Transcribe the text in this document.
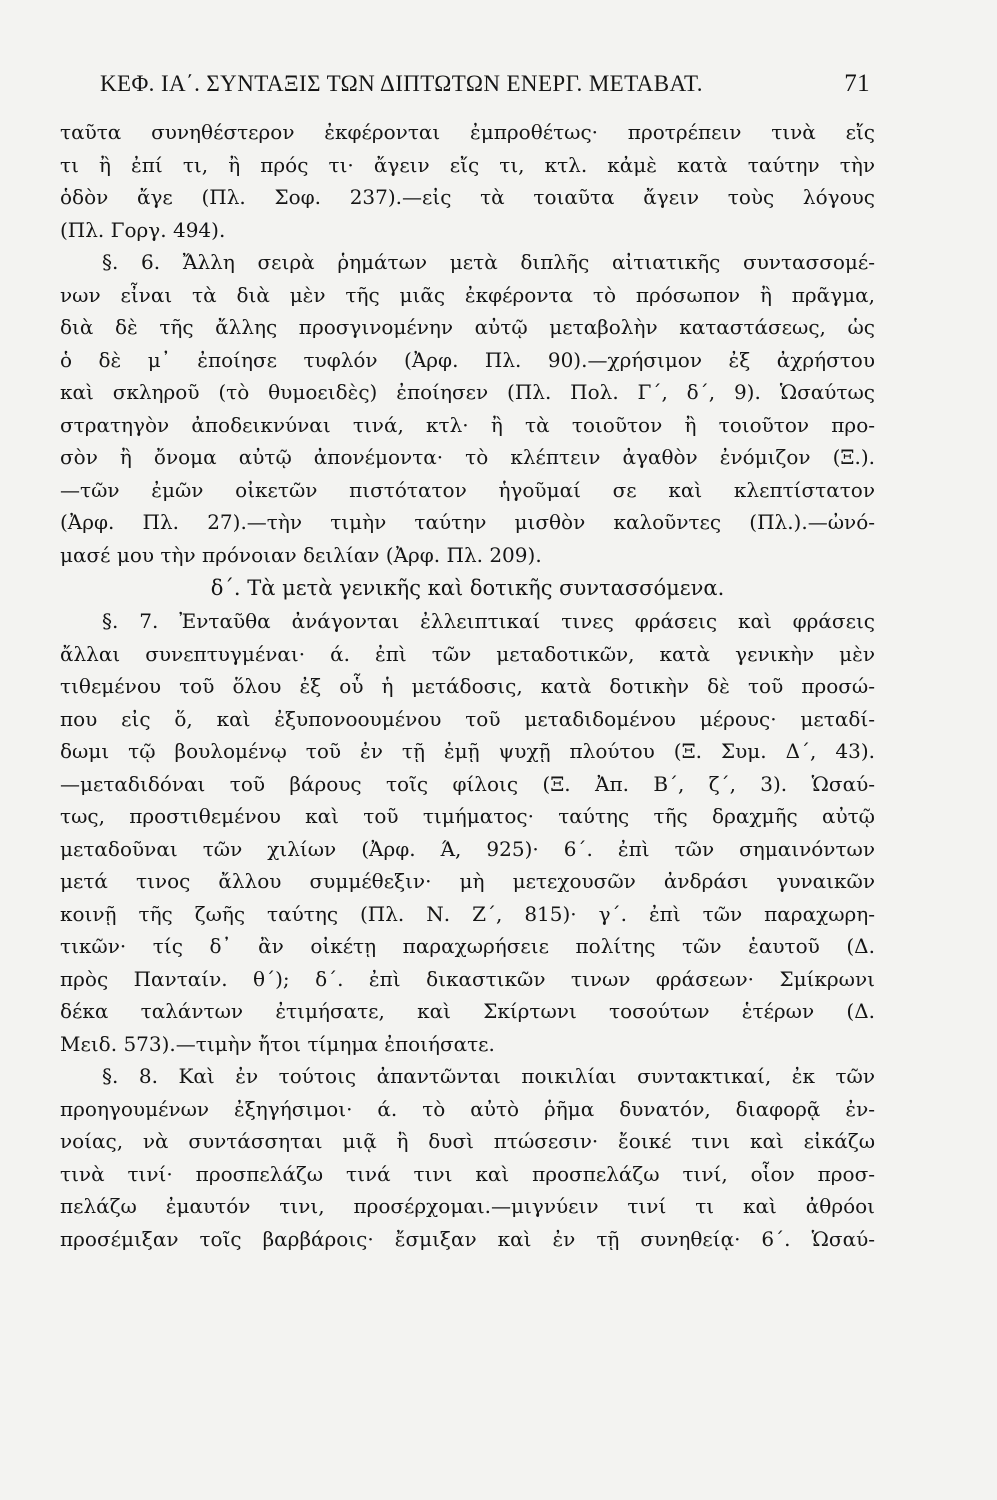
ΚΕΦ. ΙΑ΄. ΣΥΝΤΑΞΙΣ ΤΩΝ ΔΙΠΤΩΤΩΝ ΕΝΕΡΓ. ΜΕΤΑΒΑΤ.	71
ταῦτα συνηθέστερον ἐκφέρονται ἐμπροθέτως· προτρέπειν τινὰ εἴς
τι ἢ ἐπί τι, ἢ πρός τι· ἄγειν εἴς τι, κτλ. κἀμὲ κατὰ ταύτην τὴν
ὁδὸν ἄγε (Πλ. Σοφ. 237).—εἰς τὰ τοιαῦτα ἄγειν τοὺς λόγους
(Πλ. Γοργ. 494).
§. 6. Ἄλλη σειρὰ ῥημάτων μετὰ διπλῆς αἰτιατικῆς συντασσομέ-
νων εἶναι τὰ διὰ μὲν τῆς μιᾶς ἐκφέροντα τὸ πρόσωπον ἢ πρᾶγμα,
διὰ δὲ τῆς ἄλλης προσγινομένην αὐτῷ μεταβολὴν καταστάσεως, ὡς
ὁ δὲ μ᾽ ἐποίησε τυφλόν (Ἀρφ. Πλ. 90).—χρήσιμον ἐξ ἀχρήστου
καὶ σκληροῦ (τὸ θυμοειδὲς) ἐποίησεν (Πλ. Πολ. Γ΄, δ΄, 9). Ὡσαύτως
στρατηγὸν ἀποδεικνύναι τινά, κτλ· ἢ τὰ τοιοῦτον ἢ τοιοῦτον προ-
σὸν ἢ ὄνομα αὐτῷ ἀπονέμοντα· τὸ κλέπτειν ἀγαθὸν ἐνόμιζον (Ξ.).
—τῶν ἐμῶν οἰκετῶν πιστότατον ἡγοῦμαί σε καὶ κλεπτίστατον
(Ἀρφ. Πλ. 27).—τὴν τιμὴν ταύτην μισθὸν καλοῦντες (Πλ.).—ὠνό-
μασέ μου τὴν πρόνοιαν δειλίαν (Ἀρφ. Πλ. 209).
δ΄. Τὰ μετὰ γενικῆς καὶ δοτικῆς συντασσόμενα.
§. 7. Ἐνταῦθα ἀνάγονται ἐλλειπτικαί τινες φράσεις καὶ φράσεις
ἄλλαι συνεπτυγμέναι· ά. ἐπὶ τῶν μεταδοτικῶν, κατὰ γενικὴν μὲν
τιθεμένου τοῦ ὅλου ἐξ οὗ ἡ μετάδοσις, κατὰ δοτικὴν δὲ τοῦ προσώ-
που εἰς ὅ, καὶ ἐξυπονοουμένου τοῦ μεταδιδομένου μέρους· μεταδί-
δωμι τῷ βουλομένῳ τοῦ ἐν τῇ ἐμῇ ψυχῇ πλούτου (Ξ. Συμ. Δ΄, 43).
—μεταδιδόναι τοῦ βάρους τοῖς φίλοις (Ξ. Ἀπ. Β΄, ζ΄, 3). Ὡσαύ-
τως, προστιθεμένου καὶ τοῦ τιμήματος· ταύτης τῆς δραχμῆς αὐτῷ
μεταδοῦναι τῶν χιλίων (Ἀρφ. Ά, 925)· 6΄. ἐπὶ τῶν σημαινόντων
μετά τινος ἄλλου συμμέθεξιν· μὴ μετεχουσῶν ἀνδράσι γυναικῶν
κοινῇ τῆς ζωῆς ταύτης (Πλ. Ν. Ζ΄, 815)· γ΄. ἐπὶ τῶν παραχωρη-
τικῶν· τίς δ᾽ ἂν οἰκέτῃ παραχωρήσειε πολίτης τῶν ἑαυτοῦ (Δ.
πρὸς Πανταίν. θ΄); δ΄. ἐπὶ δικαστικῶν τινων φράσεων· Σμίκρωνι
δέκα ταλάντων ἐτιμήσατε, καὶ Σκίρτωνι τοσούτων ἑτέρων (Δ.
Μειδ. 573).—τιμὴν ἤτοι τίμημα ἐποιήσατε.
§. 8. Καὶ ἐν τούτοις ἀπαντῶνται ποικιλίαι συντακτικαί, ἐκ τῶν
προηγουμένων ἐξηγήσιμοι· ά. τὸ αὐτὸ ῥῆμα δυνατόν, διαφορᾷ ἐν-
νοίας, νὰ συντάσσηται μιᾷ ἢ δυσὶ πτώσεσιν· ἔοικέ τινι καὶ εἰκάζω
τινὰ τινί· προσπελάζω τινά τινι καὶ προσπελάζω τινί, οἷον προσ-
πελάζω ἐμαυτόν τινι, προσέρχομαι.—μιγνύειν τινί τι καὶ ἀθρόοι
προσέμιξαν τοῖς βαρβάροις· ἔσμιξαν καὶ ἐν τῇ συνηθείᾳ· 6΄. Ὡσαύ-
